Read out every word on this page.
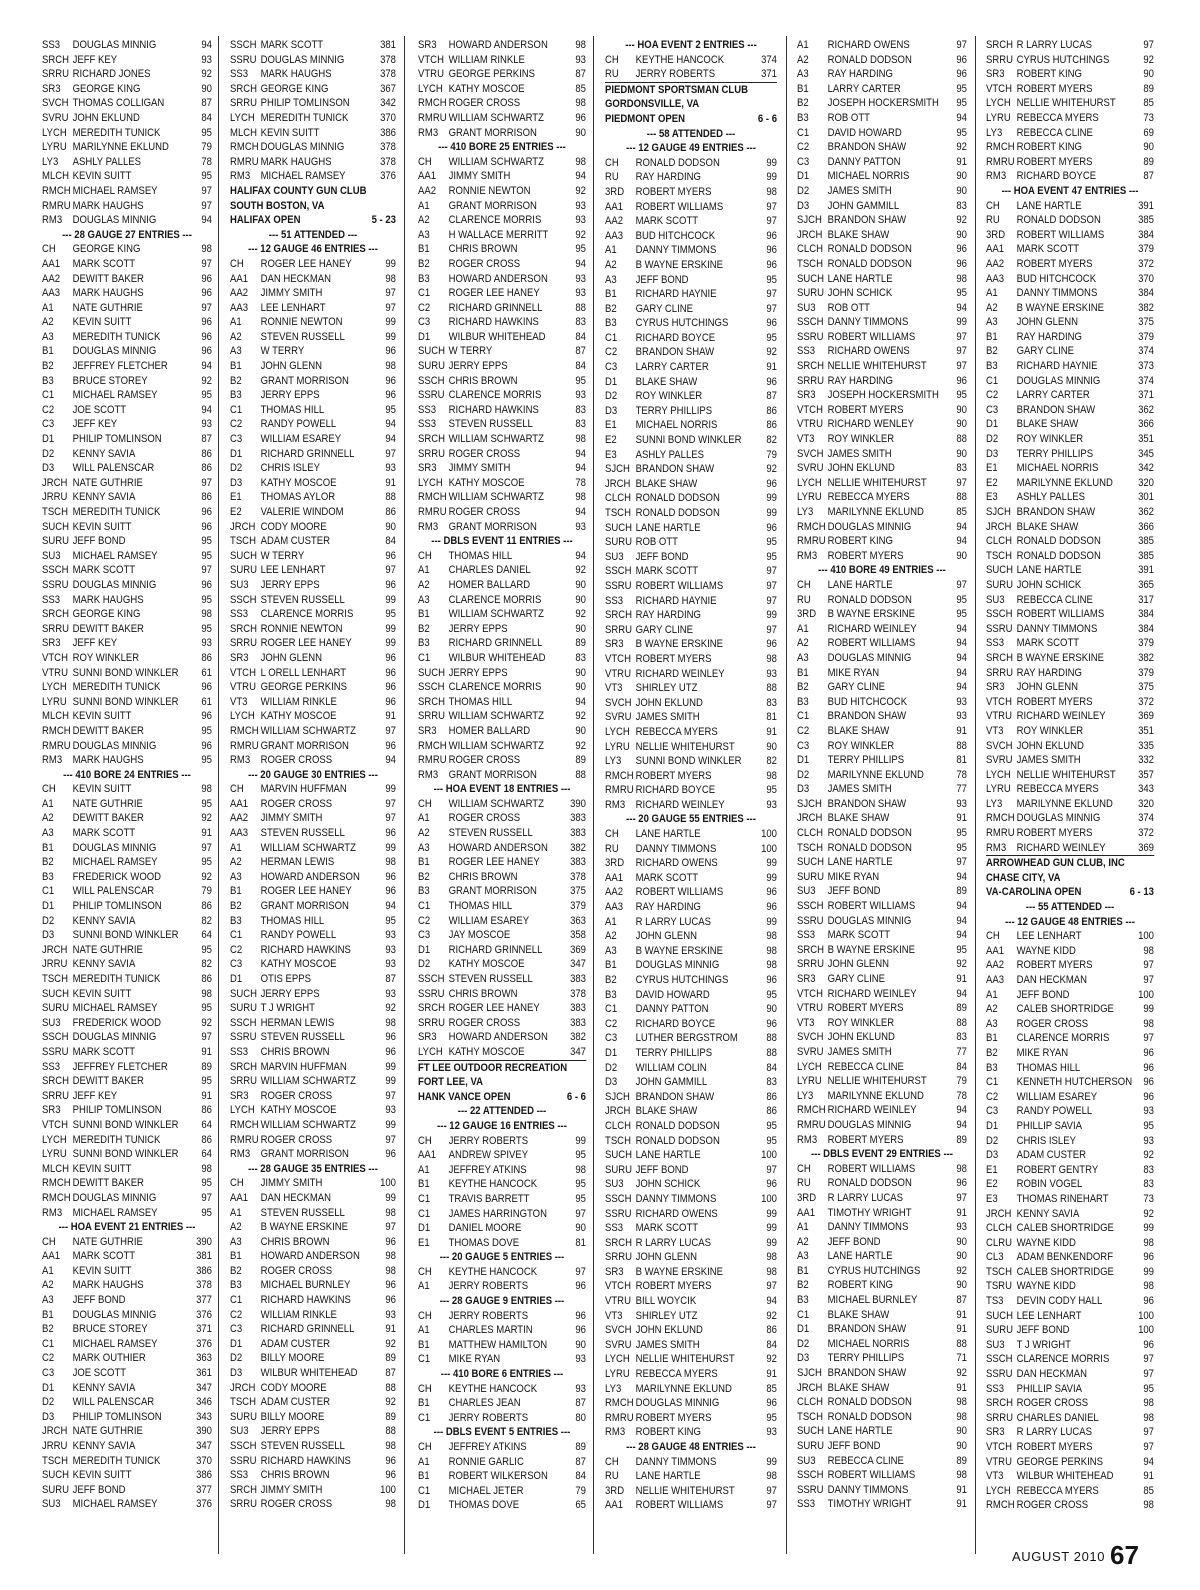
SS3 DOUGLAS MINNIG	94
SRCH JEFF KEY	93
SRRU RICHARD JONES	92
SR3 GEORGE KING	90
SVCH THOMAS COLLIGAN	87
SVRU JOHN EKLUND	84
LYCH MEREDITH TUNICK	95
LYRU MARILYNNE EKLUND	79
LY3 ASHLY PALLES	78
MLCH KEVIN SUITT	95
RMCH MICHAEL RAMSEY	97
RMRU MARK HAUGHS	97
RM3 DOUGLAS MINNIG	94
--- 28 GAUGE 27 ENTRIES ---
CH GEORGE KING	98
AA1 MARK SCOTT	97
AA2 DEWITT BAKER	96
AA3 MARK HAUGHS	96
A1 NATE GUTHRIE	97
A2 KEVIN SUITT	96
A3 MEREDITH TUNICK	96
B1 DOUGLAS MINNIG	96
B2 JEFFREY FLETCHER	94
B3 BRUCE STOREY	92
C1 MICHAEL RAMSEY	95
C2 JOE SCOTT	94
C3 JEFF KEY	93
D1 PHILIP TOMLINSON	87
D2 KENNY SAVIA	86
D3 WILL PALENSCAR	86
JRCH NATE GUTHRIE	97
JRRU KENNY SAVIA	86
TSCH MEREDITH TUNICK	96
SUCH KEVIN SUITT	96
SURU JEFF BOND	95
SU3 MICHAEL RAMSEY	95
SSCH MARK SCOTT	97
SSRU DOUGLAS MINNIG	96
SS3 MARK HAUGHS	95
SRCH GEORGE KING	98
SRRU DEWITT BAKER	95
SR3 JEFF KEY	93
VTCH ROY WINKLER	86
VTRU SUNNI BOND WINKLER 61
LYCH MEREDITH TUNICK	96
LYRU SUNNI BOND WINKLER 61
MLCH KEVIN SUITT	96
RMCH DEWITT BAKER	95
RMRU DOUGLAS MINNIG	96
RM3 MARK HAUGHS	95
--- 410 BORE 24 ENTRIES ---
CH KEVIN SUITT	98
A1 NATE GUTHRIE	95
A2 DEWITT BAKER	92
A3 MARK SCOTT	91
B1 DOUGLAS MINNIG	97
B2 MICHAEL RAMSEY	95
B3 FREDERICK WOOD	92
C1 WILL PALENSCAR	79
D1 PHILIP TOMLINSON	86
D2 KENNY SAVIA	82
D3 SUNNI BOND WINKLER 64
JRCH NATE GUTHRIE	95
JRRU KENNY SAVIA	82
TSCH MEREDITH TUNICK	86
SUCH KEVIN SUITT	98
SURU MICHAEL RAMSEY	95
SU3 FREDERICK WOOD	92
SSCH DOUGLAS MINNIG	97
SSRU MARK SCOTT	91
SS3 JEFFREY FLETCHER	89
SRCH DEWITT BAKER	95
SRRU JEFF KEY	91
SR3 PHILIP TOMLINSON	86
VTCH SUNNI BOND WINKLER 64
LYCH MEREDITH TUNICK	86
LYRU SUNNI BOND WINKLER 64
MLCH KEVIN SUITT	98
RMCH DEWITT BAKER	95
RMCH DOUGLAS MINNIG	97
RM3 MICHAEL RAMSEY	95
--- HOA EVENT 21 ENTRIES ---
CH NATE GUTHRIE	390
AA1 MARK SCOTT	381
A1 KEVIN SUITT	386
A2 MARK HAUGHS	378
A3 JEFF BOND	377
B1 DOUGLAS MINNIG	376
B2 BRUCE STOREY	371
C1 MICHAEL RAMSEY	376
C2 MARK OUTHIER	363
C3 JOE SCOTT	361
D1 KENNY SAVIA	347
D2 WILL PALENSCAR	346
D3 PHILIP TOMLINSON	343
JRCH NATE GUTHRIE	390
JRRU KENNY SAVIA	347
TSCH MEREDITH TUNICK	370
SUCH KEVIN SUITT	386
SURU JEFF BOND	377
SU3 MICHAEL RAMSEY	376
SSCH MARK SCOTT	381
SSRU DOUGLAS MINNIG	378
SS3 MARK HAUGHS	378
SRCH GEORGE KING	367
SRRU PHILIP TOMLINSON	342
LYCH MEREDITH TUNICK	370
MLCH KEVIN SUITT	386
RMCH DOUGLAS MINNIG	378
RMRU MARK HAUGHS	378
RM3 MICHAEL RAMSEY	376
HALIFAX COUNTY GUN CLUB
SOUTH BOSTON, VA
HALIFAX OPEN	5 - 23
--- 51 ATTENDED ---
--- 12 GAUGE 46 ENTRIES ---
CH ROGER LEE HANEY	99
AA1 DAN HECKMAN	98
AA2 JIMMY SMITH	97
AA3 LEE LENHART	97
A1 RONNIE NEWTON	99
A2 STEVEN RUSSELL	99
A3 W TERRY	96
B1 JOHN GLENN	98
B2 GRANT MORRISON	96
B3 JERRY EPPS	96
C1 THOMAS HILL	95
C2 RANDY POWELL	94
C3 WILLIAM ESAREY	94
D1 RICHARD GRINNELL	97
D2 CHRIS ISLEY	93
D3 KATHY MOSCOE	91
E1 THOMAS AYLOR	88
E2 VALERIE WINDOM	86
JRCH CODY MOORE	90
TSCH ADAM CUSTER	84
SUCH W TERRY	96
SURU LEE LENHART	97
SU3 JERRY EPPS	96
SSCH STEVEN RUSSELL	99
SS3 CLARENCE MORRIS	95
SRCH RONNIE NEWTON	99
SRRU ROGER LEE HANEY	99
SR3 JOHN GLENN	96
VTCH L ORELL LENHART	96
VTRU GEORGE PERKINS	96
VT3 WILLIAM RINKLE	96
LYCH KATHY MOSCOE	91
RMCH WILLIAM SCHWARTZ	97
RMRU GRANT MORRISON	96
RM3 ROGER CROSS	94
--- 20 GAUGE 30 ENTRIES ---
CH MARVIN HUFFMAN	99
AA1 ROGER CROSS	97
AA2 JIMMY SMITH	97
AA3 STEVEN RUSSELL	96
A1 WILLIAM SCHWARTZ	99
A2 HERMAN LEWIS	98
A3 HOWARD ANDERSON 96
B1 ROGER LEE HANEY	96
B2 GRANT MORRISON	94
B3 THOMAS HILL	95
C1 RANDY POWELL	93
C2 RICHARD HAWKINS	93
C3 KATHY MOSCOE	93
D1 OTIS EPPS	87
SUCH JERRY EPPS	93
SURU T J WRIGHT	92
SSCH HERMAN LEWIS	98
SSRU STEVEN RUSSELL	96
SS3 CHRIS BROWN	96
SRCH MARVIN HUFFMAN	99
SRRU WILLIAM SCHWARTZ	99
SR3 ROGER CROSS	97
LYCH KATHY MOSCOE	93
RMCH WILLIAM SCHWARTZ	99
RMRU ROGER CROSS	97
RM3 GRANT MORRISON	96
--- 28 GAUGE 35 ENTRIES ---
CH JIMMY SMITH	100
AA1 DAN HECKMAN	99
A1 STEVEN RUSSELL	98
A2 B WAYNE ERSKINE	97
A3 CHRIS BROWN	96
B1 HOWARD ANDERSON 98
B2 ROGER CROSS	98
B3 MICHAEL BURNLEY	96
C1 RICHARD HAWKINS	96
C2 WILLIAM RINKLE	93
C3 RICHARD GRINNELL	91
D1 ADAM CUSTER	92
D2 BILLY MOORE	89
D3 WILBUR WHITEHEAD	87
JRCH CODY MOORE	88
TSCH ADAM CUSTER	92
SURU BILLY MOORE	89
SU3 JERRY EPPS	88
SSCH STEVEN RUSSELL	98
SSRU RICHARD HAWKINS	96
SS3 CHRIS BROWN	96
SRCH JIMMY SMITH	100
SRRU ROGER CROSS	98
SR3 HOWARD ANDERSON	98
VTCH WILLIAM RINKLE	93
VTRU GEORGE PERKINS	87
LYCH KATHY MOSCOE	85
RMCH ROGER CROSS	98
RMRU WILLIAM SCHWARTZ	96
RM3 GRANT MORRISON	90
--- 410 BORE 25 ENTRIES ---
CH WILLIAM SCHWARTZ	98
AA1 JIMMY SMITH	94
AA2 RONNIE NEWTON	92
A1 GRANT MORRISON	93
A2 CLARENCE MORRIS	93
A3 H WALLACE MERRITT	92
B1 CHRIS BROWN	95
B2 ROGER CROSS	94
B3 HOWARD ANDERSON	93
C1 ROGER LEE HANEY	93
C2 RICHARD GRINNELL	88
C3 RICHARD HAWKINS	83
D1 WILBUR WHITEHEAD	84
SUCH W TERRY	87
SURU JERRY EPPS	84
SSCH CHRIS BROWN	95
SSRU CLARENCE MORRIS	93
SS3 RICHARD HAWKINS	83
SS3 STEVEN RUSSELL	83
SRCH WILLIAM SCHWARTZ	98
SRRU ROGER CROSS	94
SR3 JIMMY SMITH	94
LYCH KATHY MOSCOE	78
RMCH WILLIAM SCHWARTZ	98
RMRU ROGER CROSS	94
RM3 GRANT MORRISON	93
--- DBLS EVENT 11 ENTRIES ---
CH THOMAS HILL	94
A1 CHARLES DANIEL	92
A2 HOMER BALLARD	90
A3 CLARENCE MORRIS	90
B1 WILLIAM SCHWARTZ	92
B2 JERRY EPPS	90
B3 RICHARD GRINNELL	89
C1 WILBUR WHITEHEAD	83
SUCH JERRY EPPS	90
SSCH CLARENCE MORRIS	90
SRCH THOMAS HILL	94
SRRU WILLIAM SCHWARTZ	92
SR3 HOMER BALLARD	90
RMCH WILLIAM SCHWARTZ	92
RMRU ROGER CROSS	89
RM3 GRANT MORRISON	88
--- HOA EVENT 18 ENTRIES ---
CH WILLIAM SCHWARTZ 390
A1 ROGER CROSS	383
A2 STEVEN RUSSELL	383
A3 HOWARD ANDERSON 382
B1 ROGER LEE HANEY	383
B2 CHRIS BROWN	378
B3 GRANT MORRISON	375
C1 THOMAS HILL	379
C2 WILLIAM ESAREY	363
C3 JAY MOSCOE	358
D1 RICHARD GRINNELL	369
D2 KATHY MOSCOE	347
SSCH STEVEN RUSSELL	383
SSRU CHRIS BROWN	378
SRCH ROGER LEE HANEY	383
SRRU ROGER CROSS	383
SR3 HOWARD ANDERSON 382
LYCH KATHY MOSCOE	347
FT LEE OUTDOOR RECREATION
FORT LEE, VA
HANK VANCE OPEN	6 - 6
--- 22 ATTENDED ---
--- 12 GAUGE 16 ENTRIES ---
CH JERRY ROBERTS	99
AA1 ANDREW SPIVEY	95
A1 JEFFREY ATKINS	98
B1 KEYTHE HANCOCK	95
C1 TRAVIS BARRETT	95
C1 JAMES HARRINGTON	97
D1 DANIEL MOORE	90
E1 THOMAS DOVE	81
--- 20 GAUGE 5 ENTRIES ---
CH KEYTHE HANCOCK	97
A1 JERRY ROBERTS	96
--- 28 GAUGE 9 ENTRIES ---
CH JERRY ROBERTS	96
A1 CHARLES MARTIN	96
B1 MATTHEW HAMILTON	90
C1 MIKE RYAN	93
--- 410 BORE 6 ENTRIES ---
CH KEYTHE HANCOCK	93
B1 CHARLES JEAN	87
C1 JERRY ROBERTS	80
--- DBLS EVENT 5 ENTRIES ---
CH JEFFREY ATKINS	89
A1 RONNIE GARLIC	87
B1 ROBERT WILKERSON	84
C1 MICHAEL JETER	79
D1 THOMAS DOVE	65
--- HOA EVENT 2 ENTRIES ---
CH KEYTHE HANCOCK	374
RU JERRY ROBERTS	371
PIEDMONT SPORTSMAN CLUB
GORDONSVILLE, VA
PIEDMONT OPEN	6 - 6
--- 58 ATTENDED ---
--- 12 GAUGE 49 ENTRIES ---
CH RONALD DODSON	99
RU RAY HARDING	99
3RD ROBERT MYERS	98
AA1 ROBERT WILLIAMS	97
AA2 MARK SCOTT	97
AA3 BUD HITCHCOCK	96
A1 DANNY TIMMONS	96
A2 B WAYNE ERSKINE	96
A3 JEFF BOND	95
B1 RICHARD HAYNIE	97
B2 GARY CLINE	97
B3 CYRUS HUTCHINGS	96
C1 RICHARD BOYCE	95
C2 BRANDON SHAW	92
C3 LARRY CARTER	91
D1 BLAKE SHAW	96
D2 ROY WINKLER	87
D3 TERRY PHILLIPS	86
E1 MICHAEL NORRIS	86
E2 SUNNI BOND WINKLER 82
E3 ASHLY PALLES	79
SJCH BRANDON SHAW	92
JRCH BLAKE SHAW	96
CLCH RONALD DODSON	99
TSCH RONALD DODSON	99
SUCH LANE HARTLE	96
SURU ROB OTT	95
SU3 JEFF BOND	95
SSCH MARK SCOTT	97
SSRU ROBERT WILLIAMS	97
SS3 RICHARD HAYNIE	97
SRCH RAY HARDING	99
SRRU GARY CLINE	97
SR3 B WAYNE ERSKINE	96
VTCH ROBERT MYERS	98
VTRU RICHARD WEINLEY	93
VT3 SHIRLEY UTZ	88
SVCH JOHN EKLUND	83
SVRU JAMES SMITH	81
LYCH REBECCA MYERS	91
LYRU NELLIE WHITEHURST	90
LY3 SUNNI BOND WINKLER 82
RMCH ROBERT MYERS	98
RMRU RICHARD BOYCE	95
RM3 RICHARD WEINLEY	93
--- 20 GAUGE 55 ENTRIES ---
CH LANE HARTLE	100
RU DANNY TIMMONS	100
3RD RICHARD OWENS	99
AA1 MARK SCOTT	99
AA2 ROBERT WILLIAMS	96
AA3 RAY HARDING	96
A1 R LARRY LUCAS	99
A2 JOHN GLENN	98
A3 B WAYNE ERSKINE	98
B1 DOUGLAS MINNIG	98
B2 CYRUS HUTCHINGS	96
B3 DAVID HOWARD	95
C1 DANNY PATTON	90
C2 RICHARD BOYCE	96
C3 LUTHER BERGSTROM	88
D1 TERRY PHILLIPS	88
D2 WILLIAM COLIN	84
D3 JOHN GAMMILL	83
SJCH BRANDON SHAW	86
JRCH BLAKE SHAW	86
CLCH RONALD DODSON	95
TSCH RONALD DODSON	95
SUCH LANE HARTLE	100
SURU JEFF BOND	97
SU3 JOHN SCHICK	96
SSCH DANNY TIMMONS	100
SSRU RICHARD OWENS	99
SS3 MARK SCOTT	99
SRCH R LARRY LUCAS	99
SRRU JOHN GLENN	98
SR3 B WAYNE ERSKINE	98
VTCH ROBERT MYERS	97
VTRU BILL WOYCIK	94
VT3 SHIRLEY UTZ	92
SVCH JOHN EKLUND	86
SVRU JAMES SMITH	84
LYCH NELLIE WHITEHURST	92
LYRU REBECCA MYERS	91
LY3 MARILYNNE EKLUND	85
RMCH DOUGLAS MINNIG	96
RMRU ROBERT MYERS	95
RM3 ROBERT KING	93
--- 28 GAUGE 48 ENTRIES ---
CH DANNY TIMMONS	99
RU LANE HARTLE	98
3RD NELLIE WHITEHURST	97
AA1 ROBERT WILLIAMS	97
A1 RICHARD OWENS	97
A2 RONALD DODSON	96
A3 RAY HARDING	96
B1 LARRY CARTER	95
B2 JOSEPH HOCKERSMITH 95
B3 ROB OTT	94
C1 DAVID HOWARD	95
C2 BRANDON SHAW	92
C3 DANNY PATTON	91
D1 MICHAEL NORRIS	90
D2 JAMES SMITH	90
D3 JOHN GAMMILL	83
SJCH BRANDON SHAW	92
JRCH BLAKE SHAW	90
CLCH RONALD DODSON	96
TSCH RONALD DODSON	96
SUCH LANE HARTLE	98
SURU JOHN SCHICK	95
SU3 ROB OTT	94
SSCH DANNY TIMMONS	99
SSRU ROBERT WILLIAMS	97
SS3 RICHARD OWENS	97
SRCH NELLIE WHITEHURST	97
SRRU RAY HARDING	96
SR3 JOSEPH HOCKERSMITH 95
VTCH ROBERT MYERS	90
VTRU RICHARD WENLEY	90
VT3 ROY WINKLER	88
SVCH JAMES SMITH	90
SVRU JOHN EKLUND	83
LYCH NELLIE WHITEHURST	97
LYRU REBECCA MYERS	88
LY3 MARILYNNE EKLUND	85
RMCH DOUGLAS MINNIG	94
RMRU ROBERT KING	94
RM3 ROBERT MYERS	90
--- 410 BORE 49 ENTRIES ---
CH LANE HARTLE	97
RU RONALD DODSON	95
3RD B WAYNE ERSKINE	95
A1 RICHARD WEINLEY	94
A2 ROBERT WILLIAMS	94
A3 DOUGLAS MINNIG	94
B1 MIKE RYAN	94
B2 GARY CLINE	94
B3 BUD HITCHCOCK	93
C1 BRANDON SHAW	93
C2 BLAKE SHAW	91
C3 ROY WINKLER	88
D1 TERRY PHILLIPS	81
D2 MARILYNNE EKLUND	78
D3 JAMES SMITH	77
SJCH BRANDON SHAW	93
JRCH BLAKE SHAW	91
CLCH RONALD DODSON	95
TSCH RONALD DODSON	95
SUCH LANE HARTLE	97
SURU MIKE RYAN	94
SU3 JEFF BOND	89
SSCH ROBERT WILLIAMS	94
SSRU DOUGLAS MINNIG	94
SS3 MARK SCOTT	94
SRCH B WAYNE ERSKINE	95
SRRU JOHN GLENN	92
SR3 GARY CLINE	91
VTCH RICHARD WEINLEY	94
VTRU ROBERT MYERS	89
VT3 ROY WINKLER	88
SVCH JOHN EKLUND	83
SVRU JAMES SMITH	77
LYCH REBECCA CLINE	84
LYRU NELLIE WHITEHURST	79
LY3 MARILYNNE EKLUND	78
RMCH RICHARD WEINLEY	94
RMRU DOUGLAS MINNIG	94
RM3 ROBERT MYERS	89
--- DBLS EVENT 29 ENTRIES ---
CH ROBERT WILLIAMS	98
RU RONALD DODSON	96
3RD R LARRY LUCAS	97
AA1 TIMOTHY WRIGHT	91
A1 DANNY TIMMONS	93
A2 JEFF BOND	90
A3 LANE HARTLE	90
B1 CYRUS HUTCHINGS	92
B2 ROBERT KING	90
B3 MICHAEL BURNLEY	87
C1 BLAKE SHAW	91
D1 BRANDON SHAW	91
D2 MICHAEL NORRIS	88
D3 TERRY PHILLIPS	71
SJCH BRANDON SHAW	92
JRCH BLAKE SHAW	91
CLCH RONALD DODSON	98
TSCH RONALD DODSON	98
SUCH LANE HARTLE	90
SURU JEFF BOND	90
SU3 REBECCA CLINE	89
SSCH ROBERT WILLIAMS	98
SSRU DANNY TIMMONS	91
SS3 TIMOTHY WRIGHT	91
SRCH R LARRY LUCAS	97
SRRU CYRUS HUTCHINGS	92
SR3 ROBERT KING	90
VTCH ROBERT MYERS	89
LYCH NELLIE WHITEHURST	85
LYRU REBECCA MYERS	73
LY3 REBECCA CLINE	69
RMCH ROBERT KING	90
RMRU ROBERT MYERS	89
RM3 RICHARD BOYCE	87
--- HOA EVENT 47 ENTRIES ---
CH LANE HARTLE	391
RU RONALD DODSON	385
3RD ROBERT WILLIAMS	384
AA1 MARK SCOTT	379
AA2 ROBERT MYERS	372
AA3 BUD HITCHCOCK	370
A1 DANNY TIMMONS	384
A2 B WAYNE ERSKINE	382
A3 JOHN GLENN	375
B1 RAY HARDING	379
B2 GARY CLINE	374
B3 RICHARD HAYNIE	373
C1 DOUGLAS MINNIG	374
C2 LARRY CARTER	371
C3 BRANDON SHAW	362
D1 BLAKE SHAW	366
D2 ROY WINKLER	351
D3 TERRY PHILLIPS	345
E1 MICHAEL NORRIS	342
E2 MARILYNNE EKLUND 320
E3 ASHLY PALLES	301
SJCH BRANDON SHAW	362
JRCH BLAKE SHAW	366
CLCH RONALD DODSON	385
TSCH RONALD DODSON	385
SUCH LANE HARTLE	391
SURU JOHN SCHICK	365
SU3 REBECCA CLINE	317
SSCH ROBERT WILLIAMS	384
SSRU DANNY TIMMONS	384
SS3 MARK SCOTT	379
SRCH B WAYNE ERSKINE	382
SRRU RAY HARDING	379
SR3 JOHN GLENN	375
VTCH ROBERT MYERS	372
VTRU RICHARD WEINLEY	369
VT3 ROY WINKLER	351
SVCH JOHN EKLUND	335
SVRU JAMES SMITH	332
LYCH NELLIE WHITEHURST 357
LYRU REBECCA MYERS	343
LY3 MARILYNNE EKLUND 320
RMCH DOUGLAS MINNIG	374
RMRU ROBERT MYERS	372
RM3 RICHARD WEINLEY	369
ARROWHEAD GUN CLUB, INC
CHASE CITY, VA
VA-CAROLINA OPEN	6 - 13
--- 55 ATTENDED ---
--- 12 GAUGE 48 ENTRIES ---
CH LEE LENHART	100
AA1 WAYNE KIDD	98
AA2 ROBERT MYERS	97
AA3 DAN HECKMAN	97
A1 JEFF BOND	100
A2 CALEB SHORTRIDGE	99
A3 ROGER CROSS	98
B1 CLARENCE MORRIS	97
B2 MIKE RYAN	96
B3 THOMAS HILL	96
C1 KENNETH HUTCHERSON 96
C2 WILLIAM ESAREY	96
C3 RANDY POWELL	93
D1 PHILLIP SAVIA	95
D2 CHRIS ISLEY	93
D3 ADAM CUSTER	92
E1 ROBERT GENTRY	83
E2 ROBIN VOGEL	83
E3 THOMAS RINEHART	73
JRCH KENNY SAVIA	92
CLCH CALEB SHORTRIDGE	99
CLRU WAYNE KIDD	98
CL3 ADAM BENKENDORF	96
TSCH CALEB SHORTRIDGE	99
TSRU WAYNE KIDD	98
TS3 DEVIN CODY HALL	96
SUCH LEE LENHART	100
SURU JEFF BOND	100
SU3 T J WRIGHT	96
SSCH CLARENCE MORRIS	97
SSRU DAN HECKMAN	97
SS3 PHILLIP SAVIA	95
SRCH ROGER CROSS	98
SRRU CHARLES DANIEL	98
SR3 R LARRY LUCAS	97
VTCH ROBERT MYERS	97
VTRU GEORGE PERKINS	94
VT3 WILBUR WHITEHEAD	91
LYCH REBECCA MYERS	85
RMCH ROGER CROSS	98
AUGUST 2010 67
